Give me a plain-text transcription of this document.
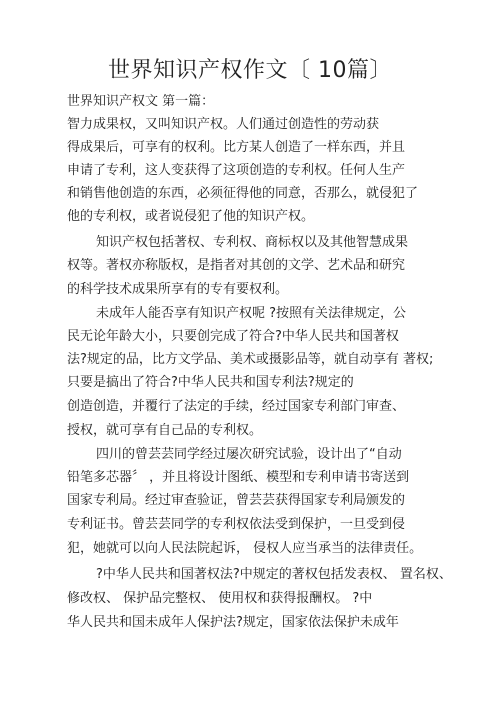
世界知识产权作文〔 10篇〕
世界知识产权文 第一篇：
智力成果权，又叫知识产权。人们通过创造性的劳动获
得成果后，可享有的权利。比方某人创造了一样东西，并且
申请了专利，这人变获得了这项创造的专利权。任何人生产
和销售他创造的东西，必须征得他的同意，否那么，就侵犯了
他的专利权，或者说侵犯了他的知识产权。
知识产权包括著权、专利权、商标权以及其他智慧成果
权等。著权亦称版权，是指者对其创的文学、艺术品和研究
的科学技术成果所享有的专有要权利。
未成年人能否享有知识产权呢 ?按照有关法律规定，公
民无论年龄大小，只要创完成了符合?中华人民共和国著权
法?规定的品，比方文学品、美术或摄影品等，就自动享有 著权;
只要是搞出了符合?中华人民共和国专利法?规定的
创造创造，并覆行了法定的手续，经过国家专利部门审查、
授权，就可享有自己品的专利权。
四川的曾芸芸同学经过屡次研究试验，设计出了“自动
铅笔多芯器〞 ，并且将设计图纸、模型和专利申请书寄送到
国家专利局。经过审查验证，曾芸芸获得国家专利局颁发的
专利证书。曾芸芸同学的专利权依法受到保护，一旦受到侵
犯，她就可以向人民法院起诉， 侵权人应当承当的法律责任。
?中华人民共和国著权法?中规定的著权包括发表权、 置名权、
修改权、 保护品完整权、 使用权和获得报酬权。 ?中
华人民共和国未成年人保护法?规定，国家依法保护未成年
